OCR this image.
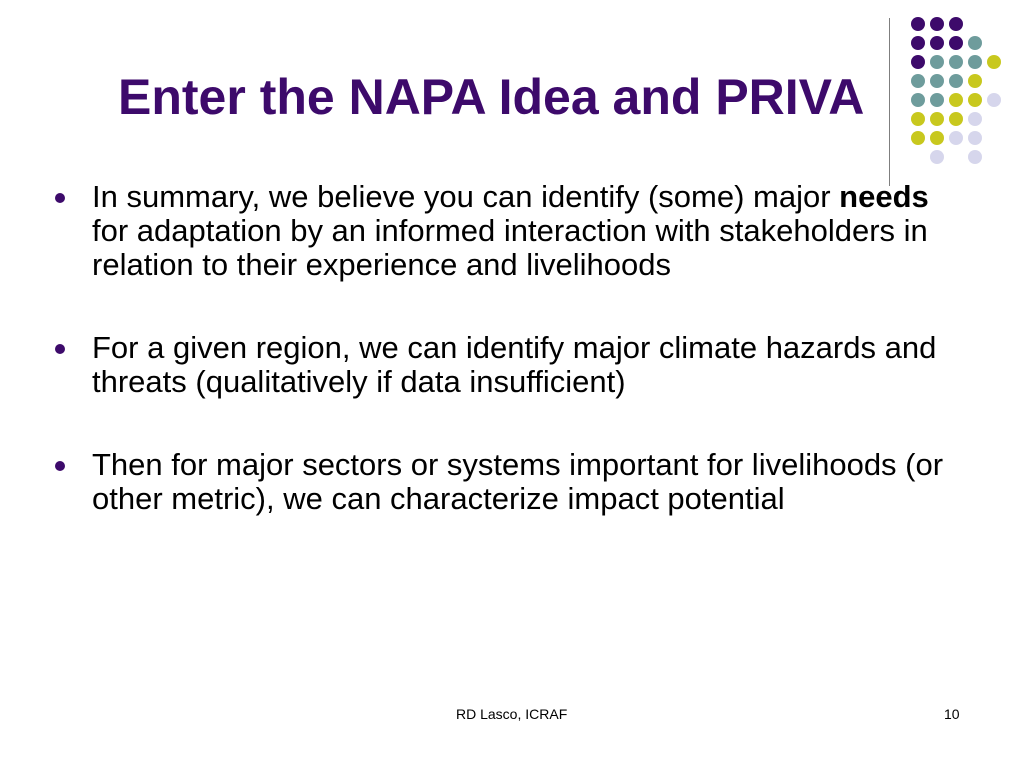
Enter the NAPA Idea and PRIVA
In summary, we believe you can identify (some) major needs for adaptation by an informed interaction with stakeholders in relation to their experience and livelihoods
For a given region, we can identify major climate hazards and threats (qualitatively if data insufficient)
Then for major sectors or systems important for livelihoods (or other metric), we can characterize impact potential
RD Lasco, ICRAF	10
